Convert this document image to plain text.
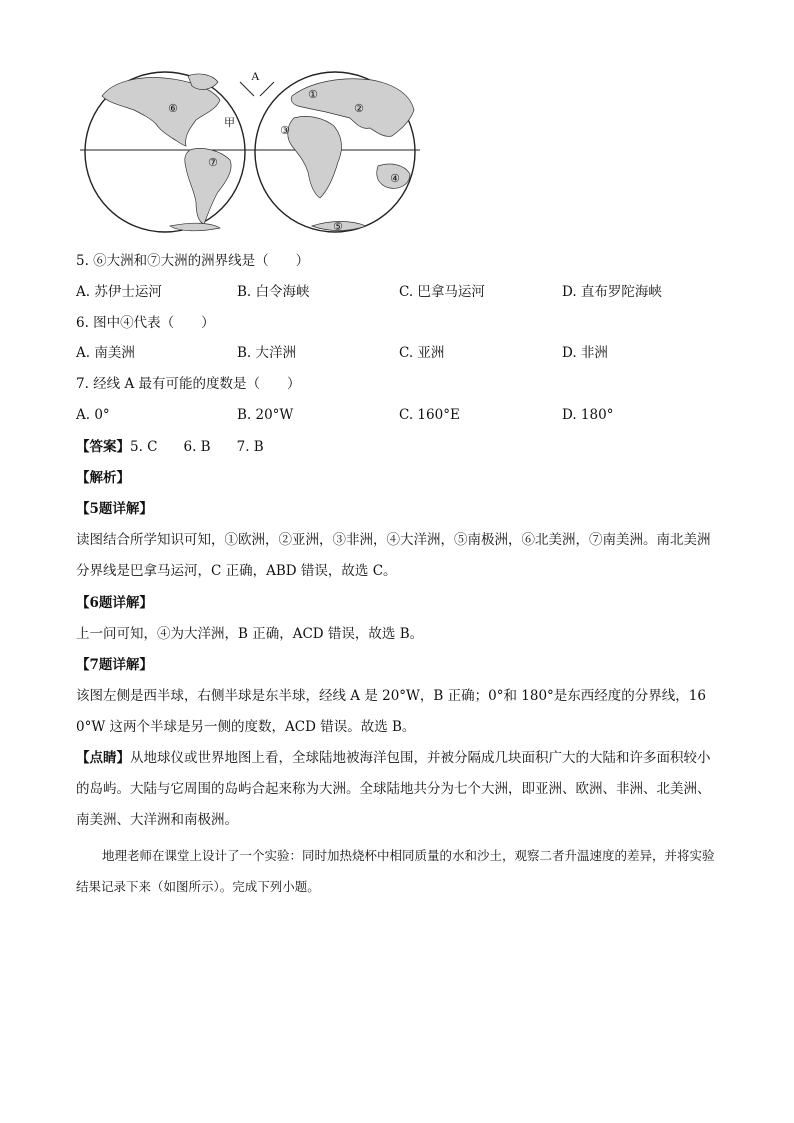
A
甲
①
②
③
④
⑤
⑥
⑦
5. ⑥大洲和⑦大洲的洲界线是（　　）
A. 苏伊士运河	B. 白令海峡	C. 巴拿马运河	D. 直布罗陀海峡
6. 图中④代表（　　）
A. 南美洲	B. 大洋洲	C. 亚洲	D. 非洲
7. 经线 A 最有可能的度数是（　　）
A. 0°	B. 20°W	C. 160°E	D. 180°
【答案】5. C 6. B 7. B
【解析】
【5题详解】
读图结合所学知识可知，①欧洲，②亚洲，③非洲，④大洋洲，⑤南极洲，⑥北美洲，⑦南美洲。南北美洲分界线是巴拿马运河，C 正确，ABD 错误，故选 C。
【6题详解】
上一问可知，④为大洋洲，B 正确，ACD 错误，故选 B。
【7题详解】
该图左侧是西半球，右侧半球是东半球，经线 A 是 20°W，B 正确；0°和 180°是东西经度的分界线，160°W 这两个半球是另一侧的度数，ACD 错误。故选 B。
【点睛】从地球仪或世界地图上看，全球陆地被海洋包围，并被分隔成几块面积广大的大陆和许多面积较小的岛屿。大陆与它周围的岛屿合起来称为大洲。全球陆地共分为七个大洲，即亚洲、欧洲、非洲、北美洲、南美洲、大洋洲和南极洲。
地理老师在课堂上设计了一个实验：同时加热烧杯中相同质量的水和沙土，观察二者升温速度的差异，并将实验结果记录下来（如图所示）。完成下列小题。
